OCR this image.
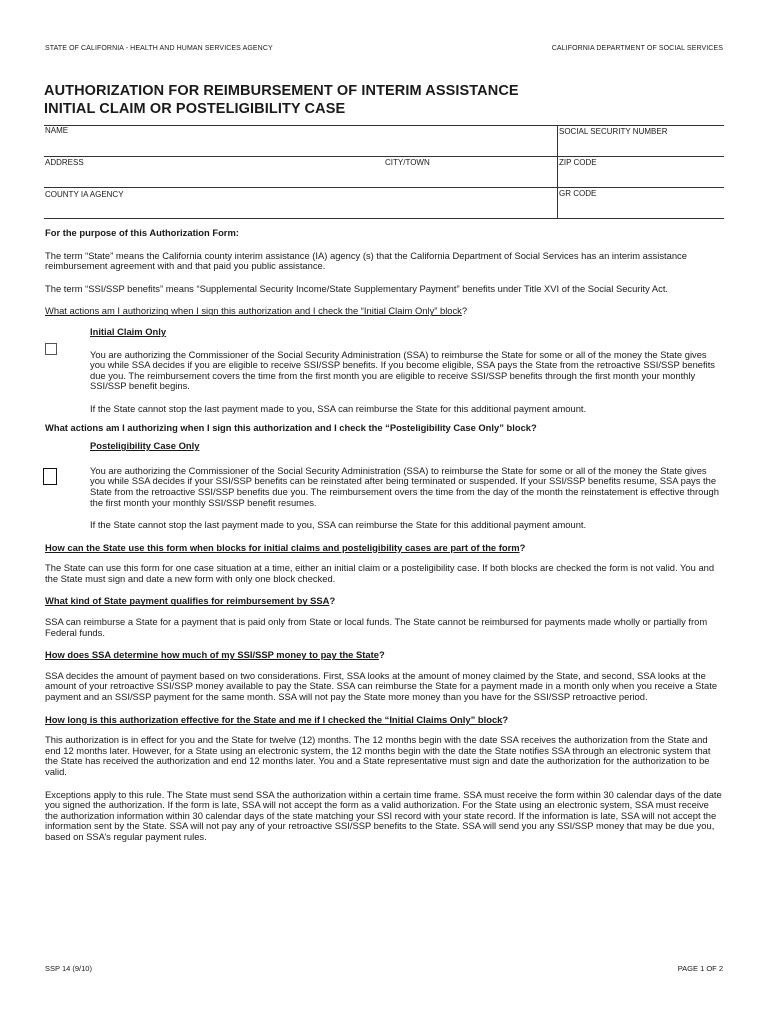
STATE OF CALIFORNIA - HEALTH AND HUMAN SERVICES AGENCY	CALIFORNIA DEPARTMENT OF SOCIAL SERVICES
AUTHORIZATION FOR REIMBURSEMENT OF INTERIM ASSISTANCE
INITIAL CLAIM OR POSTELIGIBILITY CASE
NAME	SOCIAL SECURITY NUMBER
ADDRESS	CITY/TOWN	ZIP CODE
COUNTY IA AGENCY	GR CODE

For the purpose of this Authorization Form:

The term “State” means the California county interim assistance (IA) agency (s) that the California Department of Social Services has an interim assistance reimbursement agreement with and that paid you public assistance.

The term “SSI/SSP benefits” means “Supplemental Security Income/State Supplementary Payment” benefits under Title XVI of the Social Security Act.

What actions am I authorizing when I sign this authorization and I check the “Initial Claim Only” block?

Initial Claim Only

You are authorizing the Commissioner of the Social Security Administration (SSA) to reimburse the State for some or all of the money the State gives you while SSA decides if you are eligible to receive SSI/SSP benefits. If you become eligible, SSA pays the State from the retroactive SSI/SSP benefits due you. The reimbursement covers the time from the first month you are eligible to receive SSI/SSP benefits through the first month your monthly SSI/SSP benefit begins.

If the State cannot stop the last payment made to you, SSA can reimburse the State for this additional payment amount.

What actions am I authorizing when I sign this authorization and I check the “Posteligibility Case Only” block?

Posteligibility Case Only

You are authorizing the Commissioner of the Social Security Administration (SSA) to reimburse the State for some or all of the money the State gives you while SSA decides if your SSI/SSP benefits can be reinstated after being terminated or suspended. If your SSI/SSP benefits resume, SSA pays the State from the retroactive SSI/SSP benefits due you. The reimbursement overs the time from the day of the month the reinstatement is effective through the first month your monthly SSI/SSP benefit resumes.

If the State cannot stop the last payment made to you, SSA can reimburse the State for this additional payment amount.

How can the State use this form when blocks for initial claims and posteligibility cases are part of the form?

The State can use this form for one case situation at a time, either an initial claim or a posteligibility case. If both blocks are checked the form is not valid. You and the State must sign and date a new form with only one block checked.

What kind of State payment qualifies for reimbursement by SSA?

SSA can reimburse a State for a payment that is paid only from State or local funds. The State cannot be reimbursed for payments made wholly or partially from Federal funds.

How does SSA determine how much of my SSI/SSP money to pay the State?

SSA decides the amount of payment based on two considerations. First, SSA looks at the amount of money claimed by the State, and second, SSA looks at the amount of your retroactive SSI/SSP money available to pay the State. SSA can reimburse the State for a payment made in a month only when you receive a State payment and an SSI/SSP payment for the same month. SSA will not pay the State more money than you have for the SSI/SSP retroactive period.

How long is this authorization effective for the State and me if I checked the “Initial Claims Only” block?

This authorization is in effect for you and the State for twelve (12) months. The 12 months begin with the date SSA receives the authorization from the State and end 12 months later. However, for a State using an electronic system, the 12 months begin with the date the State notifies SSA through an electronic system that the State has received the authorization and end 12 months later. You and a State representative must sign and date the authorization for the authorization to be valid.

Exceptions apply to this rule. The State must send SSA the authorization within a certain time frame. SSA must receive the form within 30 calendar days of the date you signed the authorization. If the form is late, SSA will not accept the form as a valid authorization. For the State using an electronic system, SSA must receive the authorization information within 30 calendar days of the state matching your SSI record with your state record. If the information is late, SSA will not accept the information sent by the State. SSA will not pay any of your retroactive SSI/SSP benefits to the State. SSA will send you any SSI/SSP money that may be due you, based on SSA’s regular payment rules.

SSP 14 (9/10)	PAGE 1 OF 2
